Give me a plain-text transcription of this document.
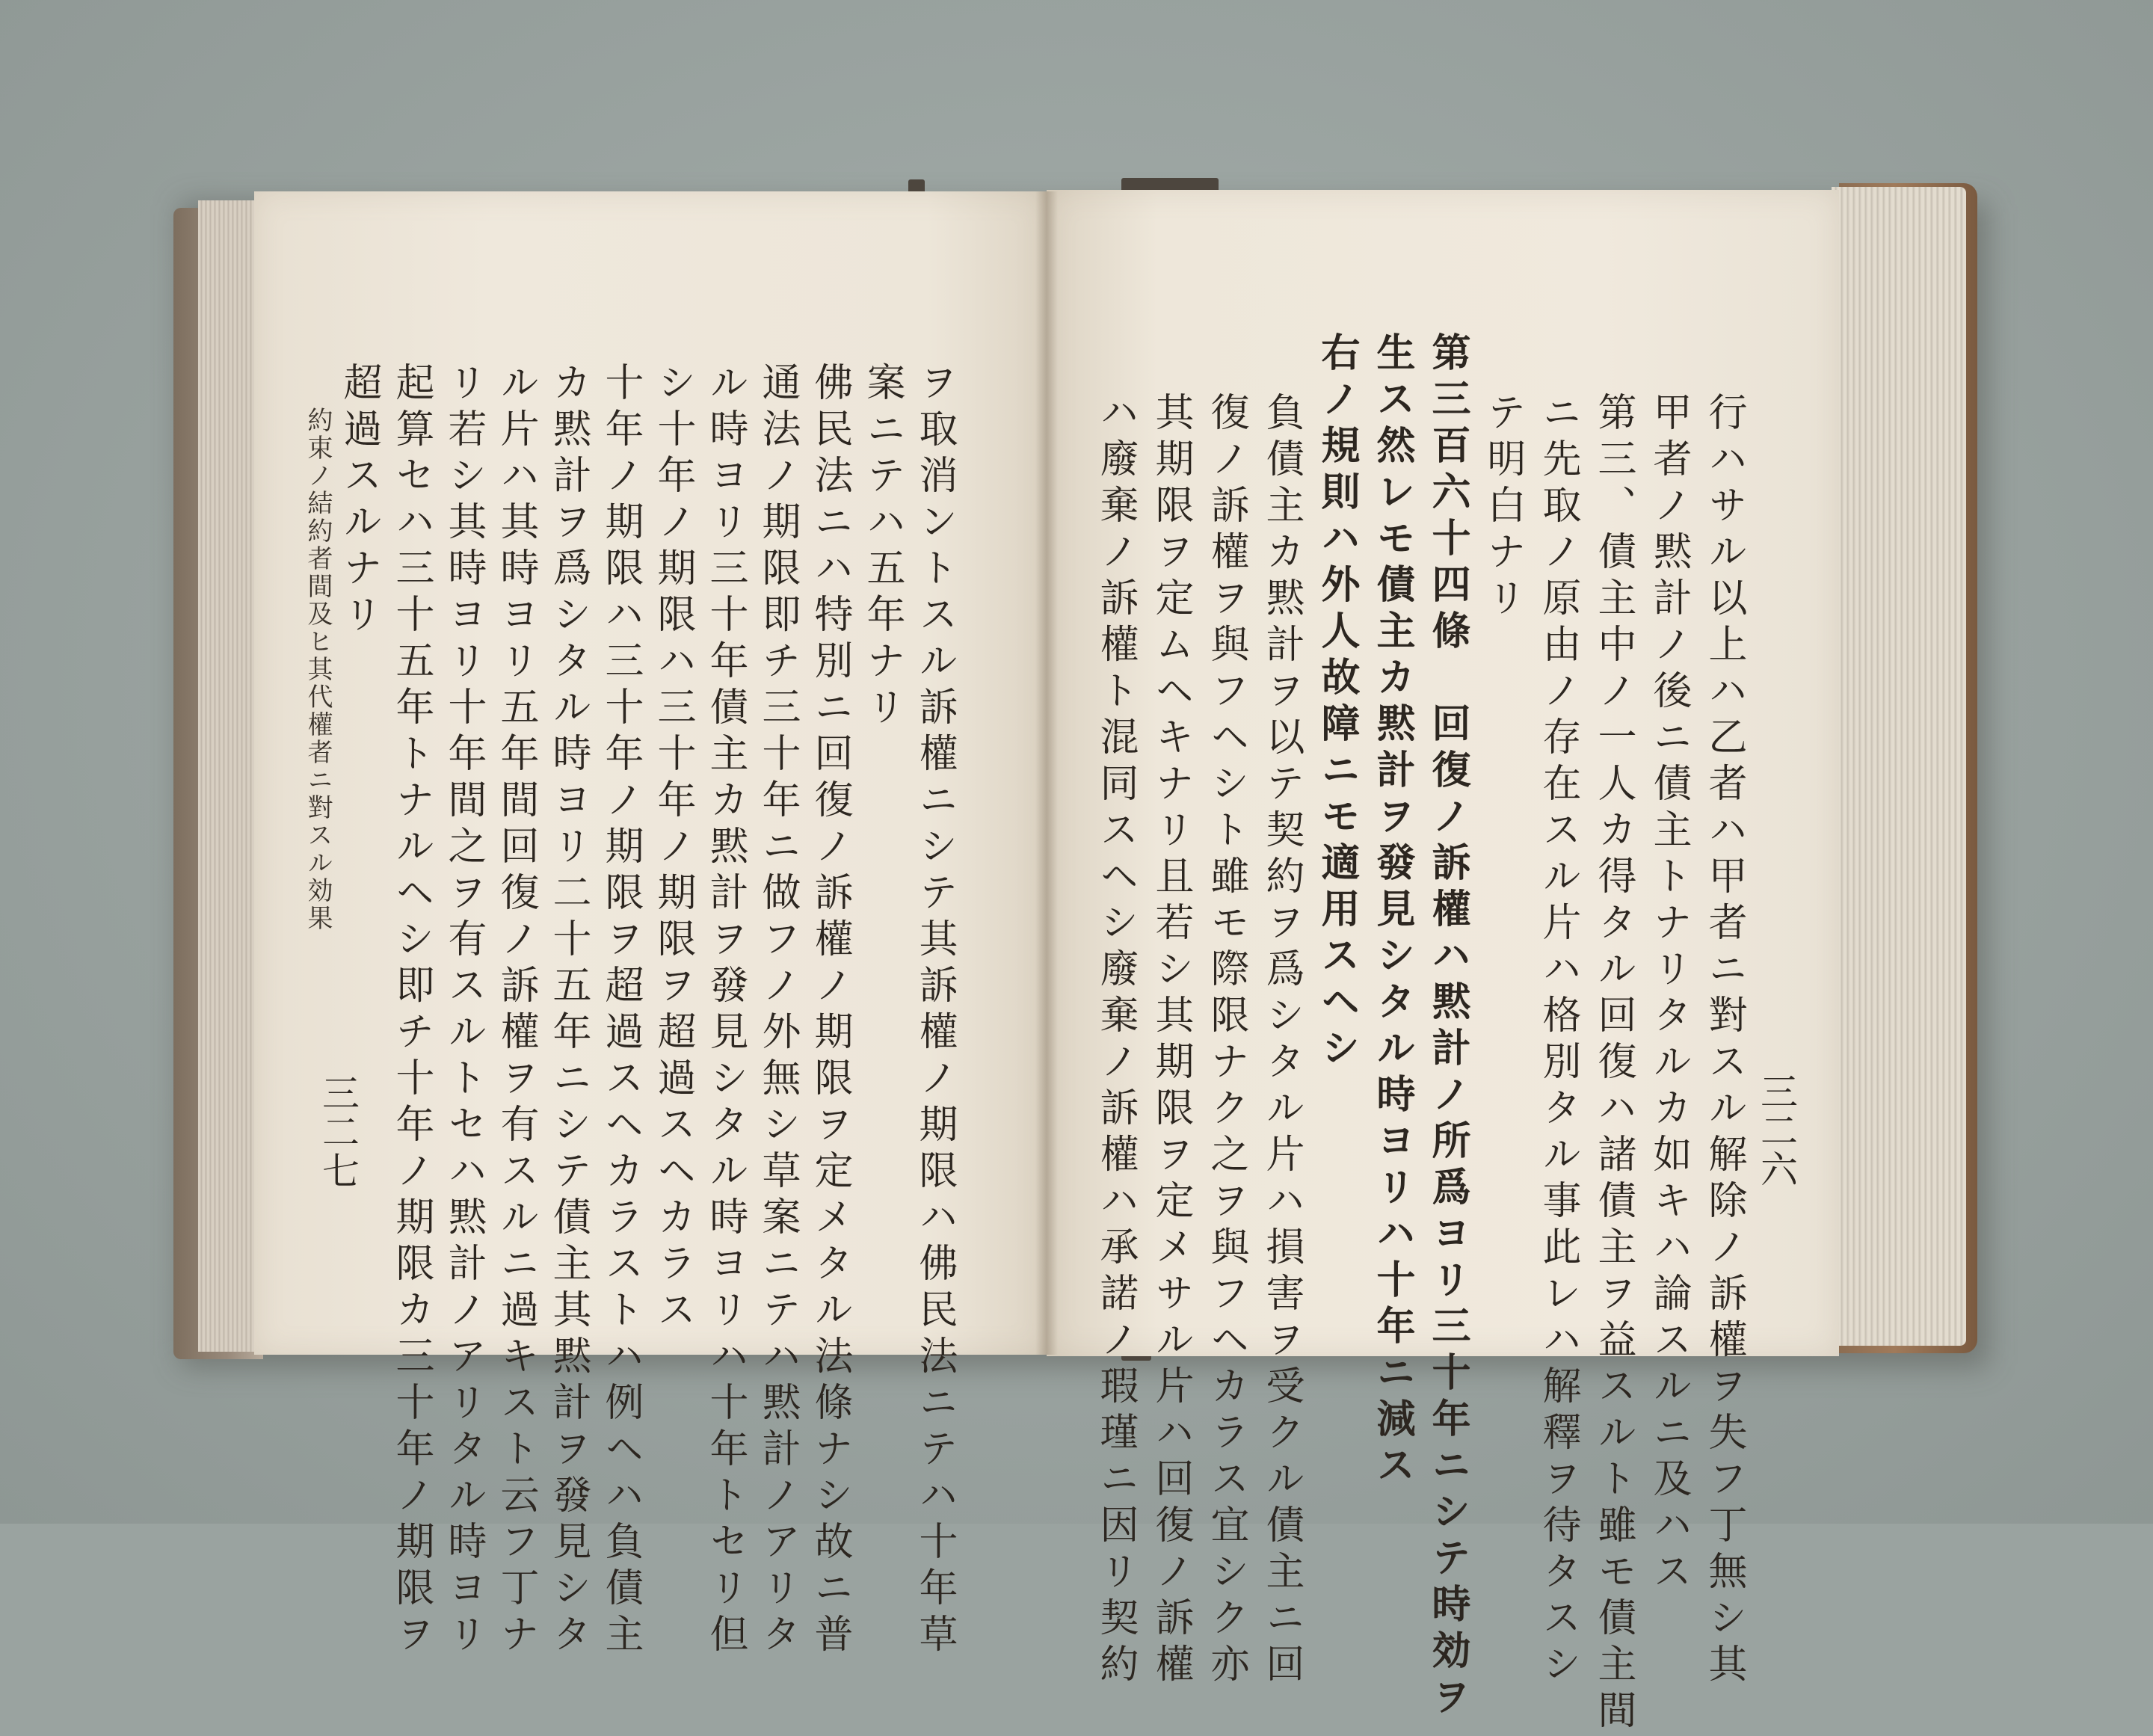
約束ノ結約者間及ヒ其代權者ニ對スル効果	ヲ取消ントスル訴權ニシテ其訴權ノ期限ハ佛民法ニテハ十年草
案ニテハ五年ナリ
佛民法ニハ特別ニ回復ノ訴權ノ期限ヲ定メタル法條ナシ故ニ普
通法ノ期限即チ三十年ニ做フノ外無シ草案ニテハ黙計ノアリタ
ル時ヨリ三十年債主カ黙計ヲ發見シタル時ヨリハ十年トセリ但
シ十年ノ期限ハ三十年ノ期限ヲ超過スヘカラス
十年ノ期限ハ三十年ノ期限ヲ超過スヘカラストハ例ヘハ負債主
カ黙計ヲ爲シタル時ヨリ二十五年ニシテ債主其黙計ヲ發見シタ
ル片ハ其時ヨリ五年間回復ノ訴權ヲ有スルニ過キスト云フ丁ナ
リ若シ其時ヨリ十年間之ヲ有スルトセハ黙計ノアリタル時ヨリ
起算セハ三十五年トナルヘシ即チ十年ノ期限カ三十年ノ期限ヲ
超過スルナリ
三二七	行ハサル以上ハ乙者ハ甲者ニ對スル解除ノ訴權ヲ失フ丁無シ其
甲者ノ黙計ノ後ニ債主トナリタルカ如キハ論スルニ及ハス
第三、債主中ノ一人カ得タル回復ハ諸債主ヲ益スルト雖モ債主間
ニ先取ノ原由ノ存在スル片ハ格別タル事此レハ解釋ヲ待タスシ
テ明白ナリ
第三百六十四條　回復ノ訴權ハ黙計ノ所爲ヨリ三十年ニシテ時効ヲ
生ス然レモ債主カ黙計ヲ發見シタル時ヨリハ十年ニ減ス
右ノ規則ハ外人故障ニモ適用スヘシ
負債主カ黙計ヲ以テ契約ヲ爲シタル片ハ損害ヲ受クル債主ニ回
復ノ訴權ヲ與フヘシト雖モ際限ナク之ヲ與フヘカラス宜シク亦
其期限ヲ定ムヘキナリ且若シ其期限ヲ定メサル片ハ回復ノ訴權
ハ廢棄ノ訴權ト混同スヘシ廢棄ノ訴權ハ承諾ノ瑕瑾ニ因リ契約	三二六
